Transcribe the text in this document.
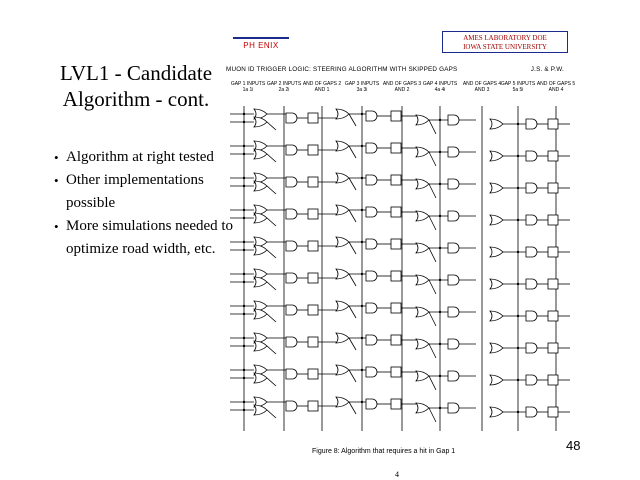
LVL1 - Candidate
Algorithm - cont.
• Algorithm at right tested
• Other implementations possible
• More simulations needed to optimize road width, etc.
PH ENIX
AMES LABORATORY DOE
IOWA STATE UNIVERSITY
MUON ID TRIGGER LOGIC: STEERING ALGORITHM WITH SKIPPED GAPS	J.S. & P.W.
GAP 1 INPUTS 1a 1i
GAP 2 INPUTS 2a 2i
AND OF GAPS 2 AND 1
GAP 3 INPUTS 3a 3i
AND OF GAPS 3 AND 2
GAP 4 INPUTS 4a 4i
AND OF GAPS 4 AND 3
GAP 5 INPUTS 5a 5i
AND OF GAPS 5 AND 4
Figure 8: Algorithm that requires a hit in Gap 1	48
4
